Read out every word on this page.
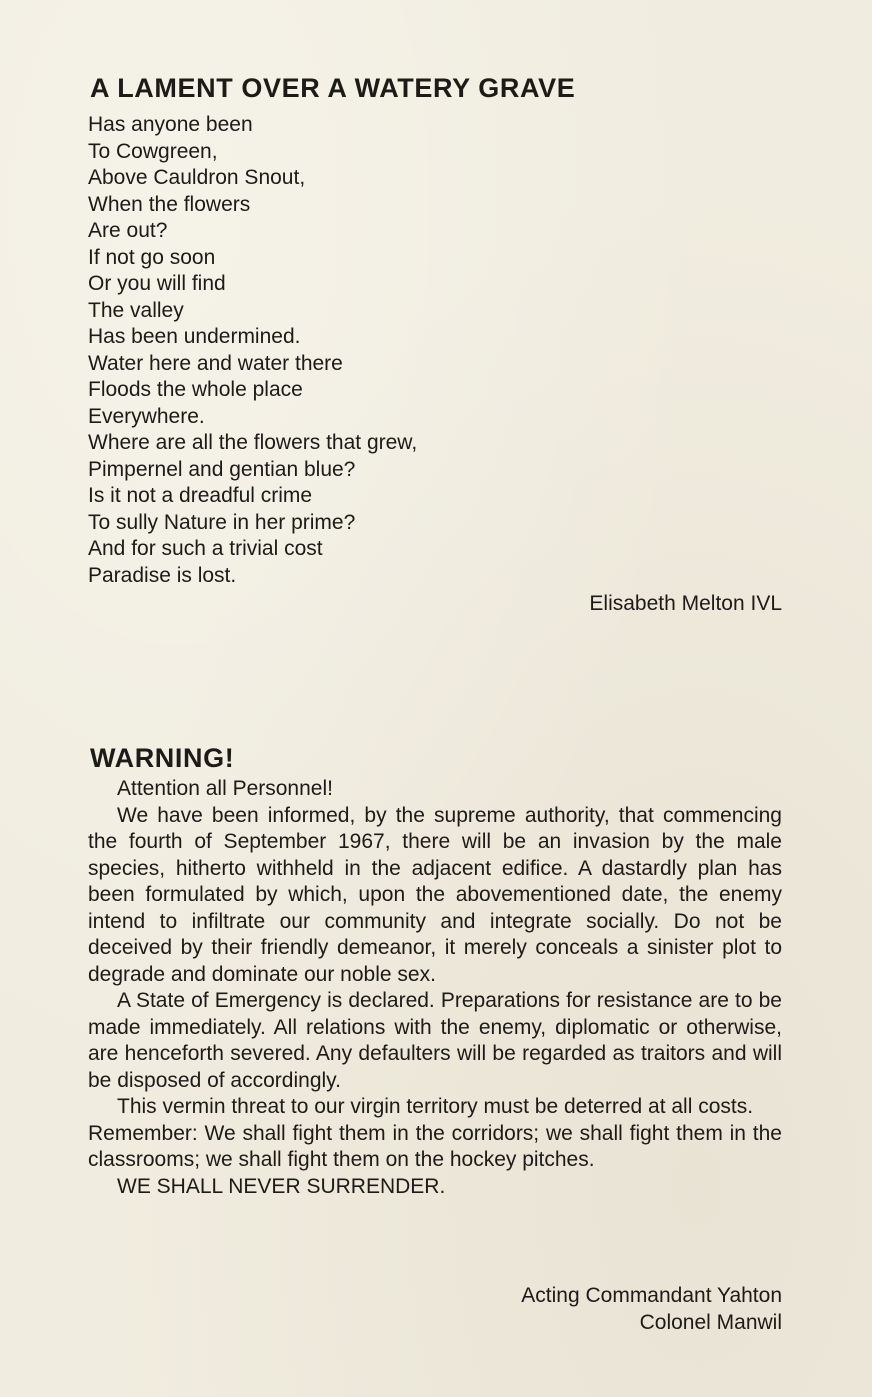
A LAMENT OVER A WATERY GRAVE
Has anyone been
To Cowgreen,
Above Cauldron Snout,
When the flowers
Are out?
If not go soon
Or you will find
The valley
Has been undermined.
Water here and water there
Floods the whole place
Everywhere.
Where are all the flowers that grew,
Pimpernel and gentian blue?
Is it not a dreadful crime
To sully Nature in her prime?
And for such a trivial cost
Paradise is lost.
Elisabeth Melton IVL
WARNING!

Attention all Personnel!

We have been informed, by the supreme authority, that commencing the fourth of September 1967, there will be an invasion by the male species, hitherto withheld in the adjacent edifice. A dastardly plan has been formulated by which, upon the abovementioned date, the enemy intend to infiltrate our community and integrate socially. Do not be deceived by their friendly demeanor, it merely conceals a sinister plot to degrade and dominate our noble sex.

A State of Emergency is declared. Preparations for resistance are to be made immediately. All relations with the enemy, diplomatic or otherwise, are henceforth severed. Any defaulters will be regarded as traitors and will be disposed of accordingly.

This vermin threat to our virgin territory must be deterred at all costs.

Remember: We shall fight them in the corridors; we shall fight them in the classrooms; we shall fight them on the hockey pitches.

WE SHALL NEVER SURRENDER.

Acting Commandant Yahton
Colonel Manwil
